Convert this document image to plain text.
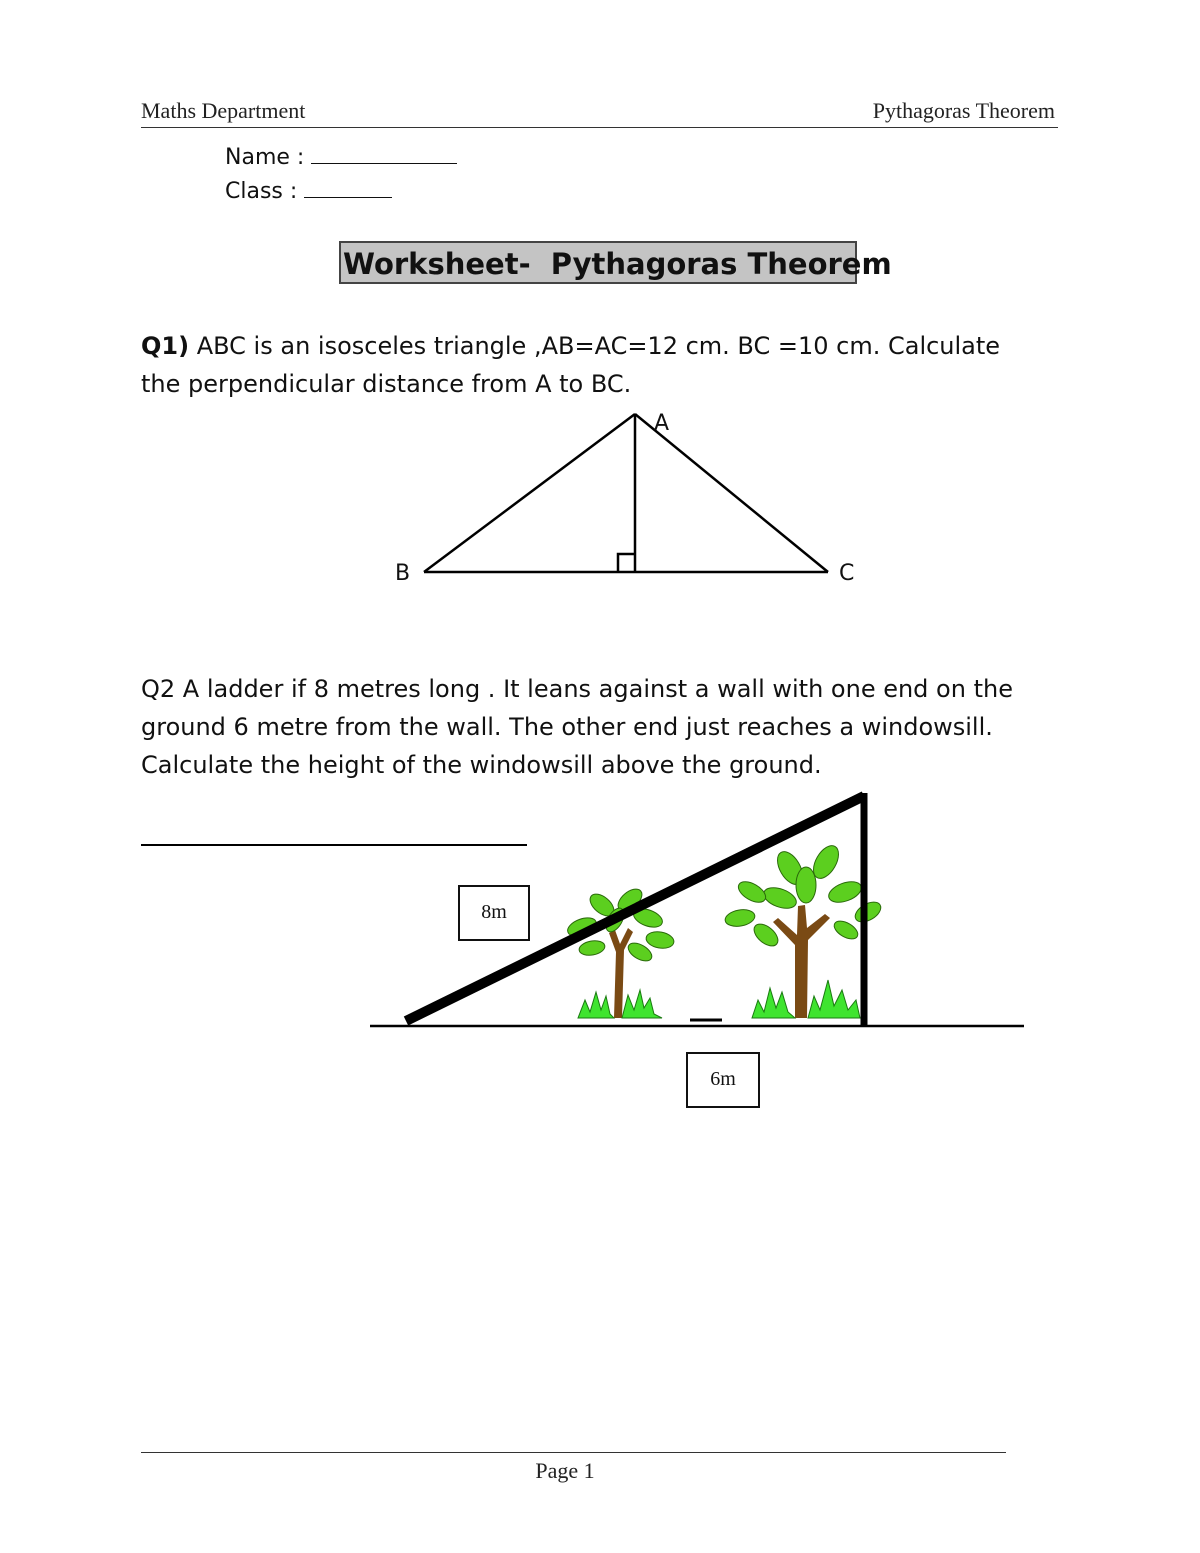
Maths Department	Pythagoras Theorem
Name :
Class :
Worksheet-  Pythagoras Theorem
Q1) ABC is an isosceles triangle ,AB=AC=12 cm. BC =10 cm. Calculate the perpendicular distance from A to BC.
A
B	C
Q2 A ladder if 8 metres long . It leans against a wall with one end on the ground 6 metre from the wall. The other end just reaches a windowsill. Calculate the height of the windowsill above the ground.
8m
6m
Page 1
